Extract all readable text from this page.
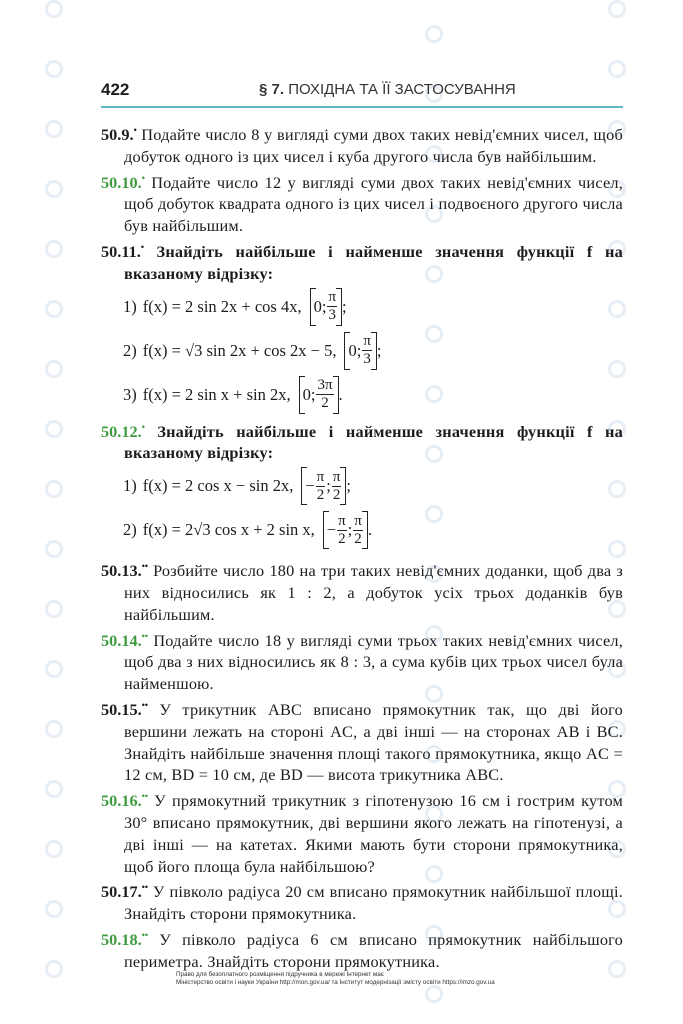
422	§ 7. ПОХІДНА ТА ЇЇ ЗАСТОСУВАННЯ
50.9.• Подайте число 8 у вигляді суми двох таких невід'ємних чисел, щоб добуток одного із цих чисел і куба другого числа був найбільшим.
50.10.• Подайте число 12 у вигляді суми двох таких невід'ємних чисел, щоб добуток квадрата одного із цих чисел і подвоєного другого числа був найбільшим.
50.11.• Знайдіть найбільше і найменше значення функції f на вказаному відрізку:
1) f(x) = 2 sin 2x + cos 4x, 0 ; π
3 ;
2) f(x) = √3 sin 2x + cos 2x − 5, 0 ; π
3 ;
3) f(x) = 2 sin x + sin 2x, 0 ; 3π
2 .
50.12.• Знайдіть найбільше і найменше значення функції f на вказаному відрізку:
1) f(x) = 2 cos x − sin 2x, − $\frac{\pi}{2}$ ; π
2 ;
2) f(x) = 2√3 cos x + 2 sin x, − $\frac{\pi}{2}$ ; π
2 .
50.13.•• Розбийте число 180 на три таких невід'ємних доданки, щоб два з них відносились як 1 : 2, а добуток усіх трьох доданків був найбільшим.
50.14.•• Подайте число 18 у вигляді суми трьох таких невід'ємних чисел, щоб два з них відносились як 8 : 3, а сума кубів цих трьох чисел була найменшою.
50.15.•• У трикутник ABC вписано прямокутник так, що дві його вершини лежать на стороні AC, а дві інші — на сторонах AB і BC. Знайдіть найбільше значення площі такого прямокутника, якщо AC = 12 см, BD = 10 см, де BD — висота трикутника ABC.
50.16.•• У прямокутний трикутник з гіпотенузою 16 см і гострим кутом 30° вписано прямокутник, дві вершини якого лежать на гіпотенузі, а дві інші — на катетах. Якими мають бути сторони прямокутника, щоб його площа була найбільшою?
50.17.•• У півколо радіуса 20 см вписано прямокутник найбільшої площі. Знайдіть сторони прямокутника.
50.18.•• У півколо радіуса 6 см вписано прямокутник найбільшого периметра. Знайдіть сторони прямокутника.
Право для безоплатного розміщення підручника в мережі Інтернет має
Міністерство освіти і науки України http://mon.gov.ua/ та Інститут модернізації змісту освіти https://imzo.gov.ua
